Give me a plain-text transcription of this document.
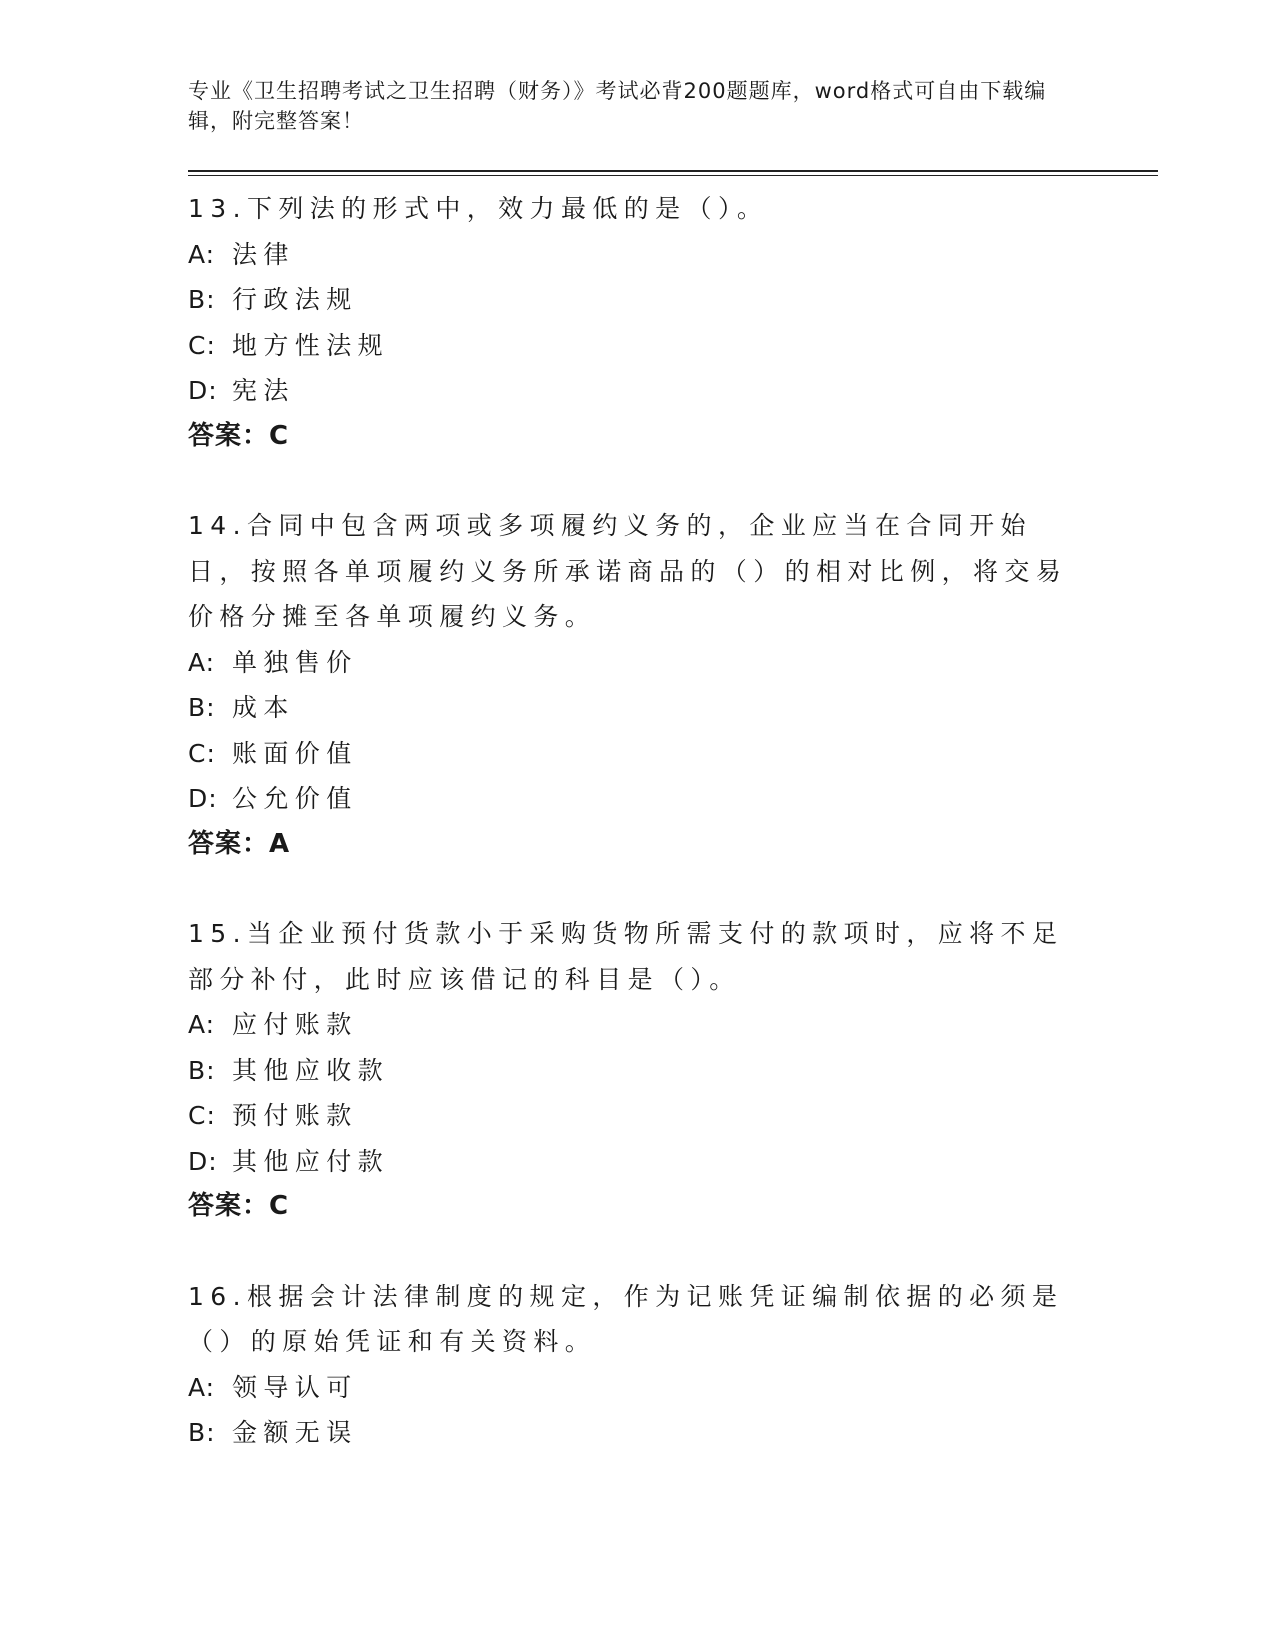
专业《卫生招聘考试之卫生招聘（财务）》考试必背200题题库，word格式可自由下载编辑，附完整答案！
13.下列法的形式中，效力最低的是（）。
A: 法律
B: 行政法规
C: 地方性法规
D: 宪法
答案：C
14.合同中包含两项或多项履约义务的，企业应当在合同开始日，按照各单项履约义务所承诺商品的（）的相对比例，将交易价格分摊至各单项履约义务。
A: 单独售价
B: 成本
C: 账面价值
D: 公允价值
答案：A
15.当企业预付货款小于采购货物所需支付的款项时，应将不足部分补付，此时应该借记的科目是（）。
A: 应付账款
B: 其他应收款
C: 预付账款
D: 其他应付款
答案：C
16.根据会计法律制度的规定，作为记账凭证编制依据的必须是（）的原始凭证和有关资料。
A: 领导认可
B: 金额无误
